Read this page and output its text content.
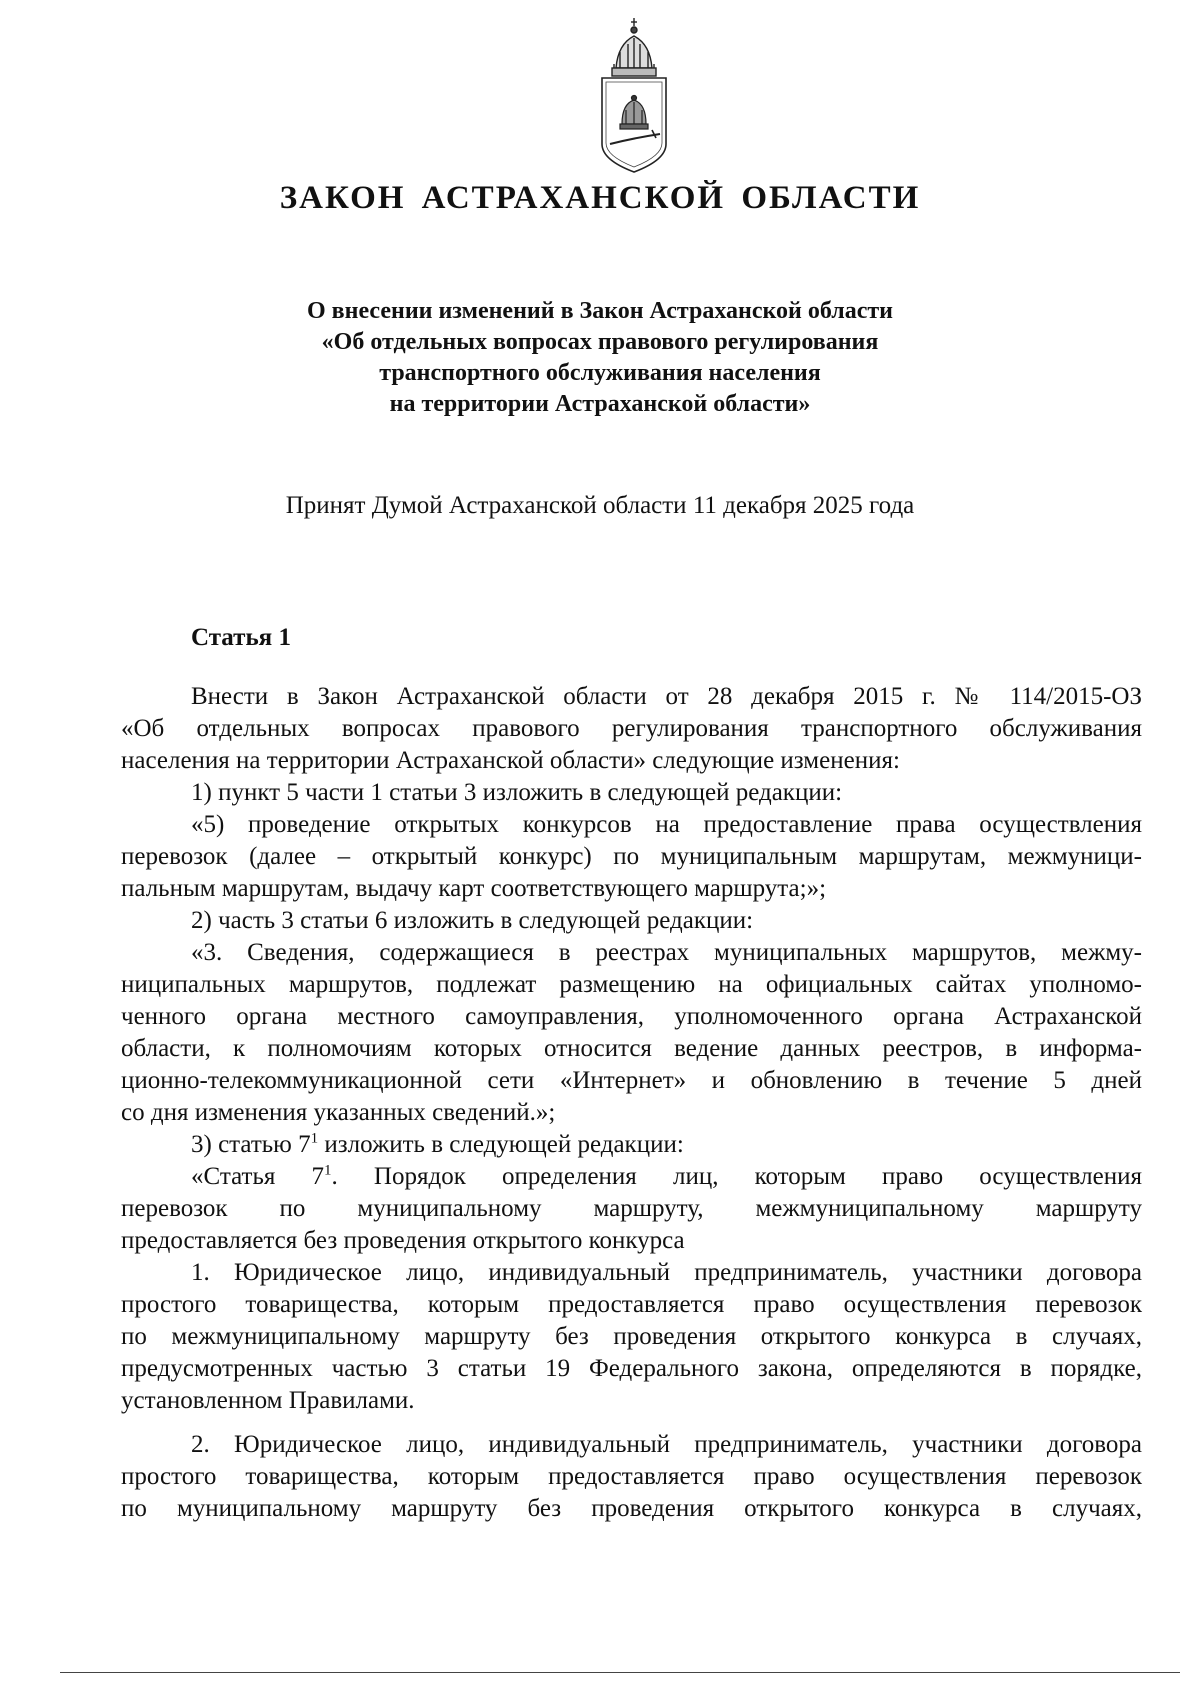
ЗАКОН АСТРАХАНСКОЙ ОБЛАСТИ
О внесении изменений в Закон Астраханской области
«Об отдельных вопросах правового регулирования
транспортного обслуживания населения
на территории Астраханской области»
Принят Думой Астраханской области 11 декабря 2025 года
Статья 1
Внести в Закон Астраханской области от 28 декабря 2015 г. № 114/2015-ОЗ
«Об отдельных вопросах правового регулирования транспортного обслуживания
населения на территории Астраханской области» следующие изменения:
1) пункт 5 части 1 статьи 3 изложить в следующей редакции:
«5) проведение открытых конкурсов на предоставление права осуществления
перевозок (далее – открытый конкурс) по муниципальным маршрутам, межмуници-
пальным маршрутам, выдачу карт соответствующего маршрута;»;
2) часть 3 статьи 6 изложить в следующей редакции:
«3. Сведения, содержащиеся в реестрах муниципальных маршрутов, межму-
ниципальных маршрутов, подлежат размещению на официальных сайтах уполномо-
ченного органа местного самоуправления, уполномоченного органа Астраханской
области, к полномочиям которых относится ведение данных реестров, в информа-
ционно-телекоммуникационной сети «Интернет» и обновлению в течение 5 дней
со дня изменения указанных сведений.»;
3) статью $7^1$ изложить в следующей редакции:
«Статья $7^1$. Порядок определения лиц, которым право осуществления
перевозок по муниципальному маршруту, межмуниципальному маршруту
предоставляется без проведения открытого конкурса
1. Юридическое лицо, индивидуальный предприниматель, участники договора
простого товарищества, которым предоставляется право осуществления перевозок
по межмуниципальному маршруту без проведения открытого конкурса в случаях,
предусмотренных частью 3 статьи 19 Федерального закона, определяются в порядке,
установленном Правилами.
2. Юридическое лицо, индивидуальный предприниматель, участники договора
простого товарищества, которым предоставляется право осуществления перевозок
по муниципальному маршруту без проведения открытого конкурса в случаях,
